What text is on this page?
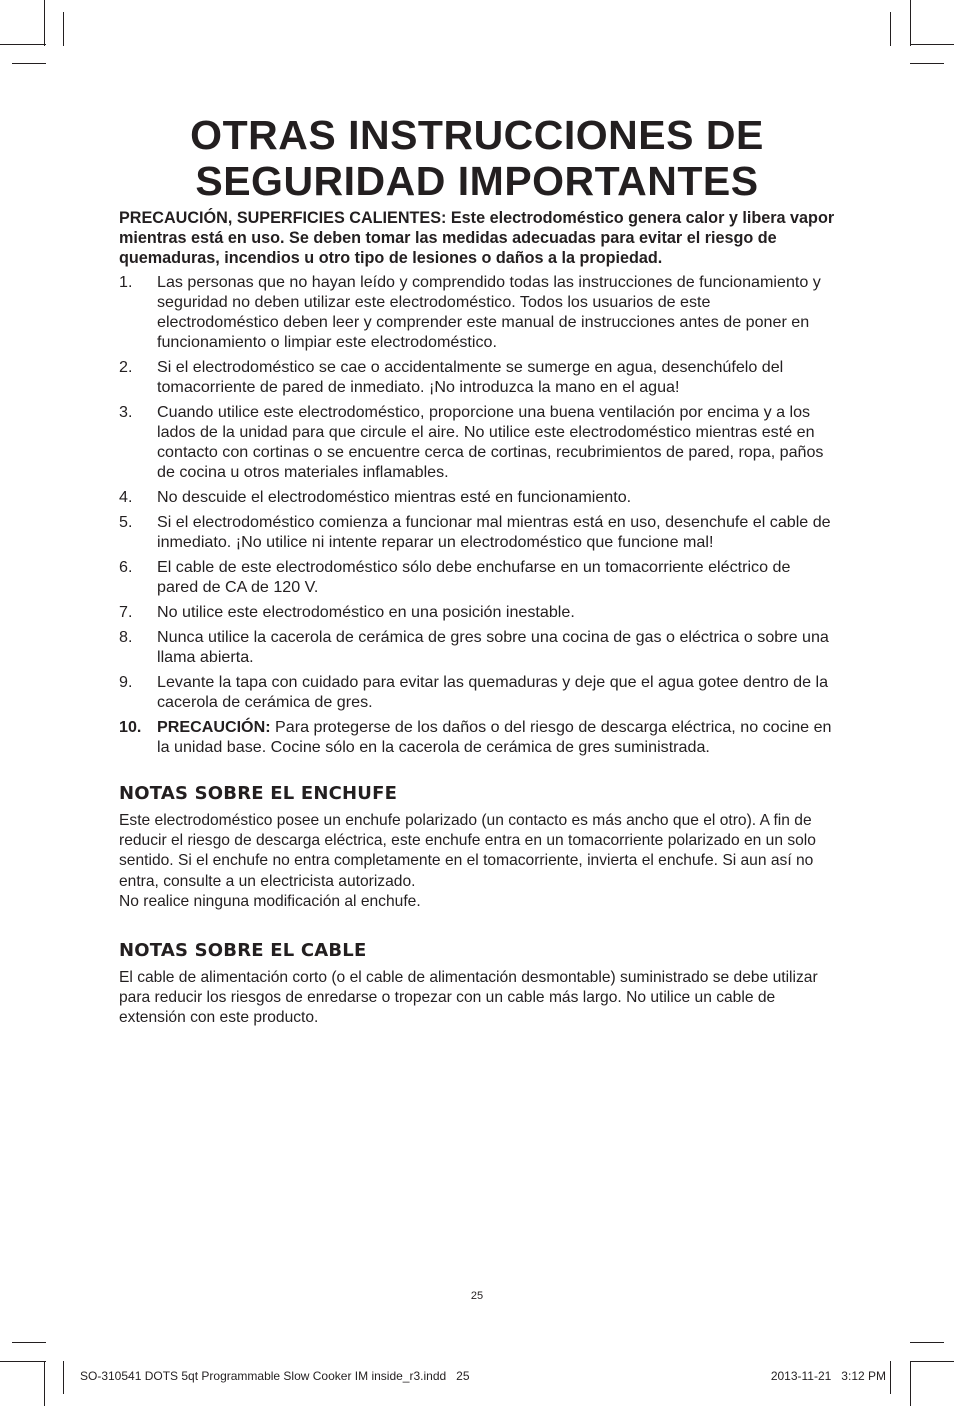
OTRAS INSTRUCCIONES DE
SEGURIDAD IMPORTANTES

PRECAUCIÓN, SUPERFICIES CALIENTES: Este electrodoméstico genera calor y libera vapor mientras está en uso. Se deben tomar las medidas adecuadas para evitar el riesgo de quemaduras, incendios u otro tipo de lesiones o daños a la propiedad.

1. Las personas que no hayan leído y comprendido todas las instrucciones de funcionamiento y seguridad no deben utilizar este electrodoméstico. Todos los usuarios de este electrodoméstico deben leer y comprender este manual de instrucciones antes de poner en funcionamiento o limpiar este electrodoméstico.
2. Si el electrodoméstico se cae o accidentalmente se sumerge en agua, desenchúfelo del tomacorriente de pared de inmediato. ¡No introduzca la mano en el agua!
3. Cuando utilice este electrodoméstico, proporcione una buena ventilación por encima y a los lados de la unidad para que circule el aire. No utilice este electrodoméstico mientras esté en contacto con cortinas o se encuentre cerca de cortinas, recubrimientos de pared, ropa, paños de cocina u otros materiales inflamables.
4. No descuide el electrodoméstico mientras esté en funcionamiento.
5. Si el electrodoméstico comienza a funcionar mal mientras está en uso, desenchufe el cable de inmediato. ¡No utilice ni intente reparar un electrodoméstico que funcione mal!
6. El cable de este electrodoméstico sólo debe enchufarse en un tomacorriente eléctrico de pared de CA de 120 V.
7. No utilice este electrodoméstico en una posición inestable.
8. Nunca utilice la cacerola de cerámica de gres sobre una cocina de gas o eléctrica o sobre una llama abierta.
9. Levante la tapa con cuidado para evitar las quemaduras y deje que el agua gotee dentro de la cacerola de cerámica de gres.
10. PRECAUCIÓN: Para protegerse de los daños o del riesgo de descarga eléctrica, no cocine en la unidad base. Cocine sólo en la cacerola de cerámica de gres suministrada.
NOTAS SOBRE EL ENCHUFE

Este electrodoméstico posee un enchufe polarizado (un contacto es más ancho que el otro). A fin de reducir el riesgo de descarga eléctrica, este enchufe entra en un tomacorriente polarizado en un solo sentido. Si el enchufe no entra completamente en el tomacorriente, invierta el enchufe. Si aun así no entra, consulte a un electricista autorizado.
No realice ninguna modificación al enchufe.

NOTAS SOBRE EL CABLE

El cable de alimentación corto (o el cable de alimentación desmontable) suministrado se debe utilizar para reducir los riesgos de enredarse o tropezar con un cable más largo. No utilice un cable de extensión con este producto.

25
SO-310541 DOTS 5qt Programmable Slow Cooker IM inside_r3.indd   25	2013-11-21   3:12 PM
